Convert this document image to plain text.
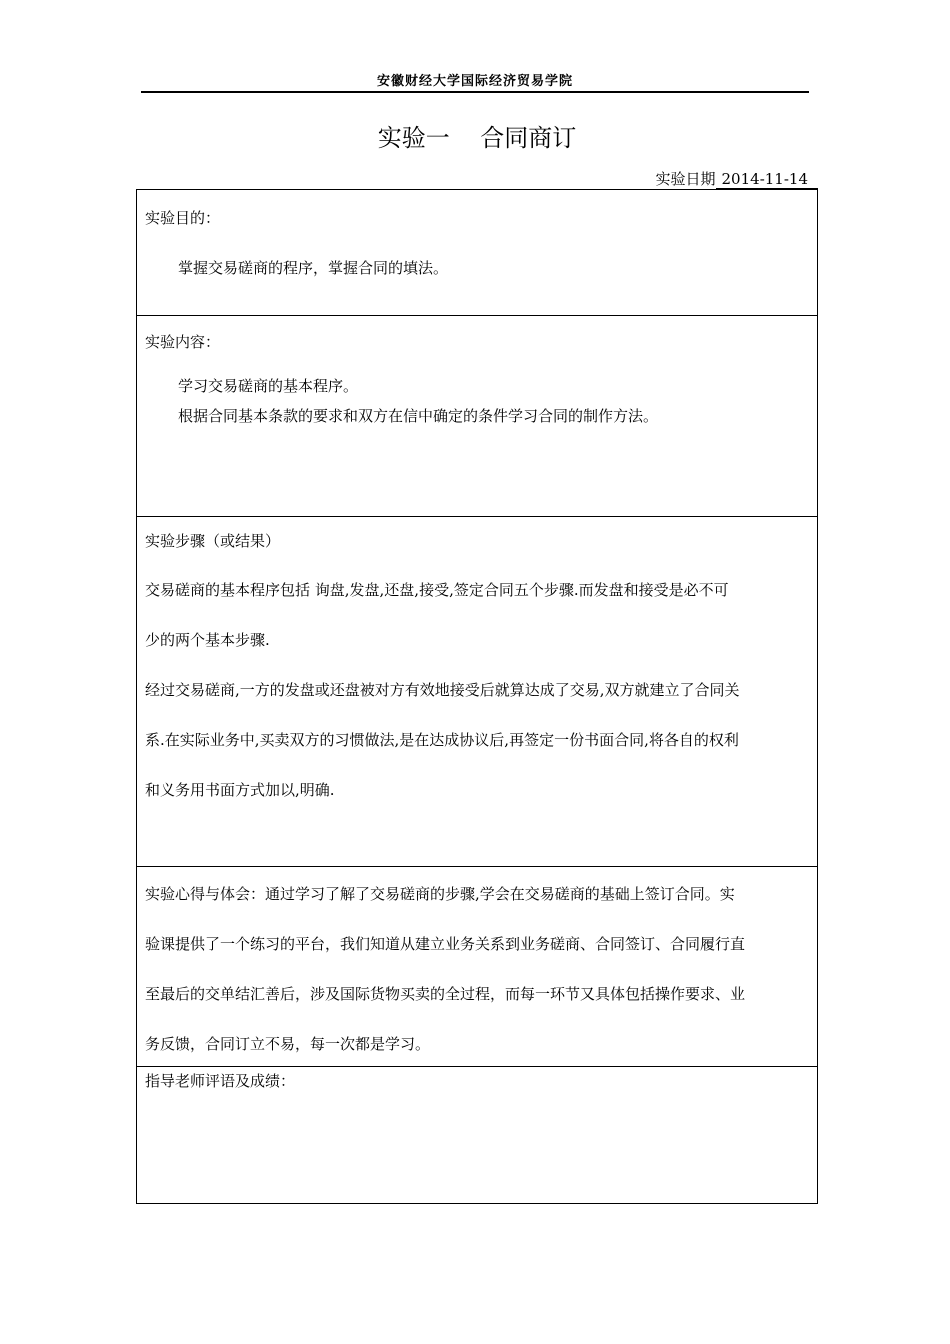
安徽财经大学国际经济贸易学院
实验一    合同商订
实验日期 2014-11-14
实验目的：
掌握交易磋商的程序，掌握合同的填法。
实验内容：
学习交易磋商的基本程序。
根据合同基本条款的要求和双方在信中确定的条件学习合同的制作方法。
实验步骤（或结果）
交易磋商的基本程序包括 询盘,发盘,还盘,接受,签定合同五个步骤.而发盘和接受是必不可
少的两个基本步骤.
经过交易磋商,一方的发盘或还盘被对方有效地接受后就算达成了交易,双方就建立了合同关
系.在实际业务中,买卖双方的习惯做法,是在达成协议后,再签定一份书面合同,将各自的权利
和义务用书面方式加以,明确.
实验心得与体会：通过学习了解了交易磋商的步骤,学会在交易磋商的基础上签订合同。实
验课提供了一个练习的平台，我们知道从建立业务关系到业务磋商、合同签订、合同履行直
至最后的交单结汇善后，涉及国际货物买卖的全过程，而每一环节又具体包括操作要求、业
务反馈，合同订立不易，每一次都是学习。
指导老师评语及成绩：
